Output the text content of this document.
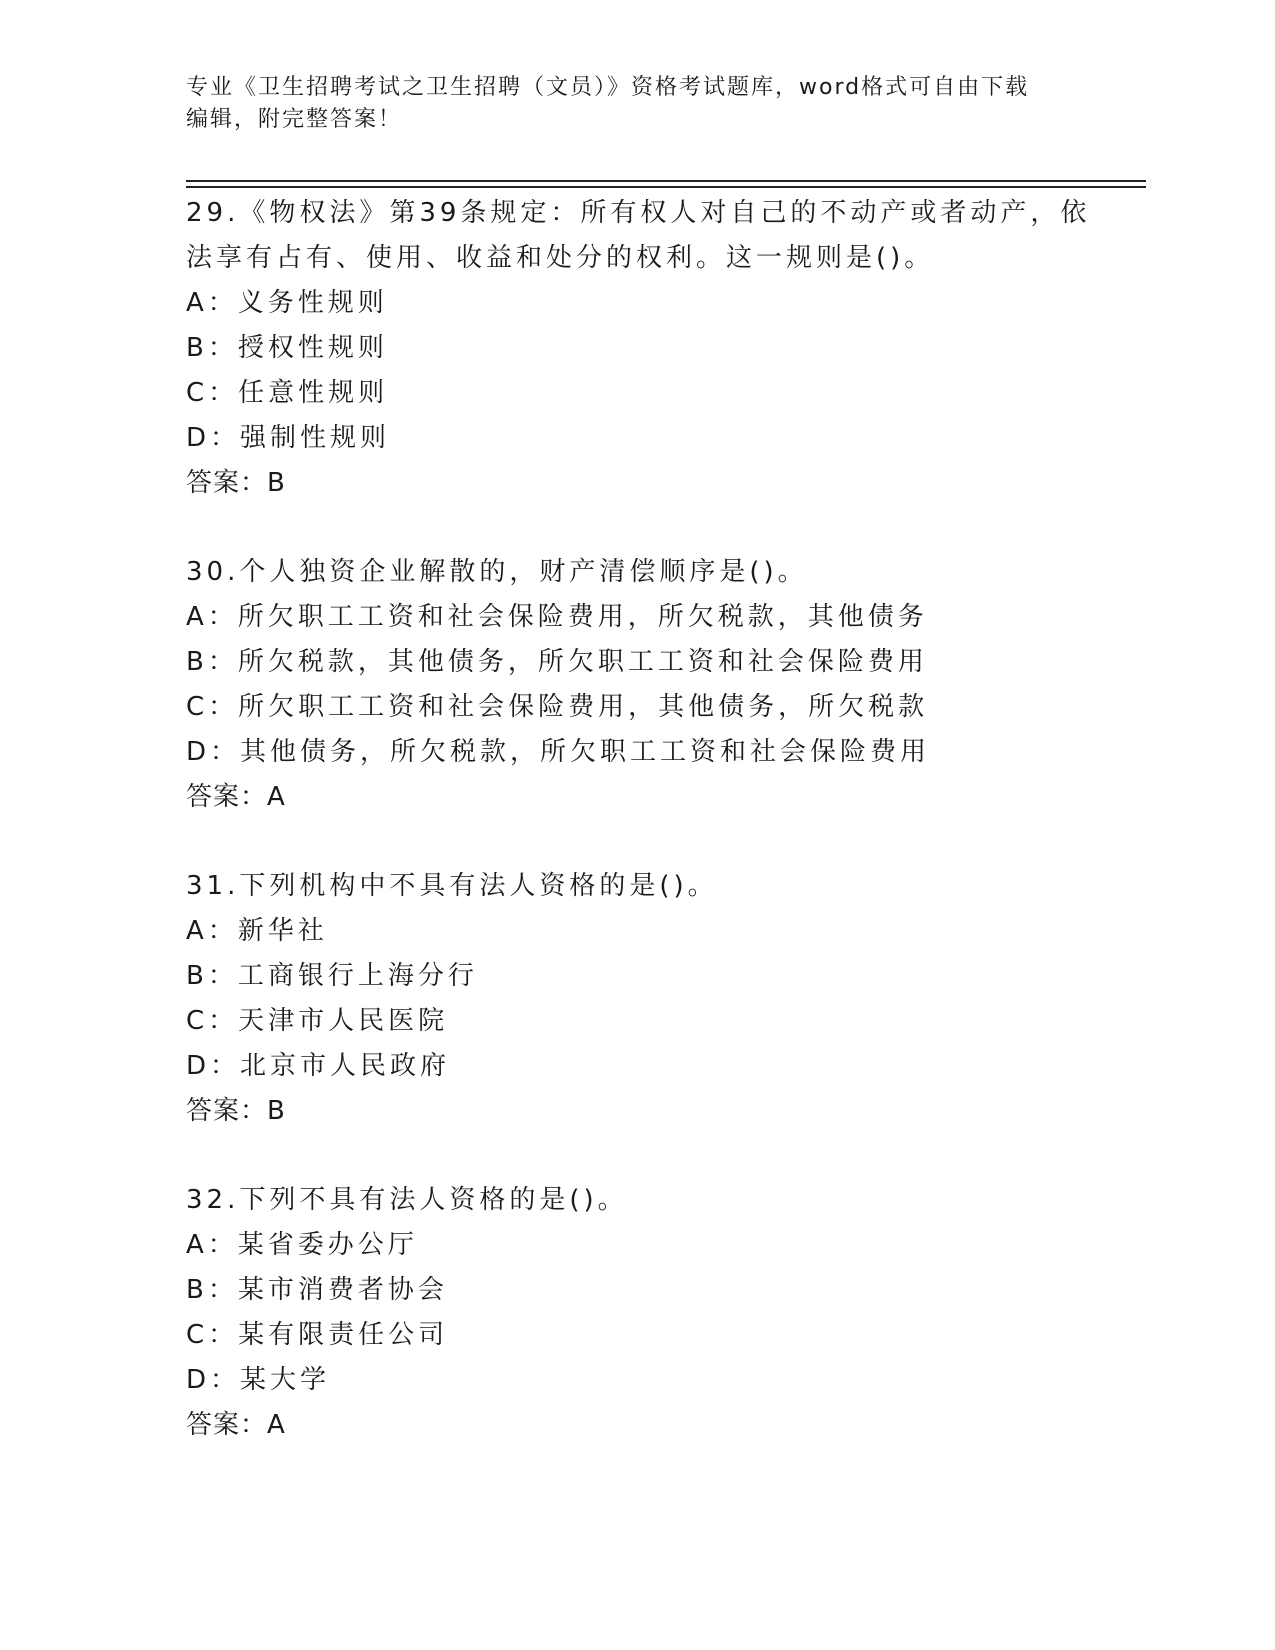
专业《卫生招聘考试之卫生招聘（文员）》资格考试题库，word格式可自由下载
编辑，附完整答案！
29.《物权法》第39条规定：所有权人对自己的不动产或者动产，依
法享有占有、使用、收益和处分的权利。这一规则是()。
A：义务性规则
B：授权性规则
C：任意性规则
D：强制性规则
答案：B
30.个人独资企业解散的，财产清偿顺序是()。
A：所欠职工工资和社会保险费用，所欠税款，其他债务
B：所欠税款，其他债务，所欠职工工资和社会保险费用
C：所欠职工工资和社会保险费用，其他债务，所欠税款
D：其他债务，所欠税款，所欠职工工资和社会保险费用
答案：A
31.下列机构中不具有法人资格的是()。
A：新华社
B：工商银行上海分行
C：天津市人民医院
D：北京市人民政府
答案：B
32.下列不具有法人资格的是()。
A：某省委办公厅
B：某市消费者协会
C：某有限责任公司
D：某大学
答案：A
